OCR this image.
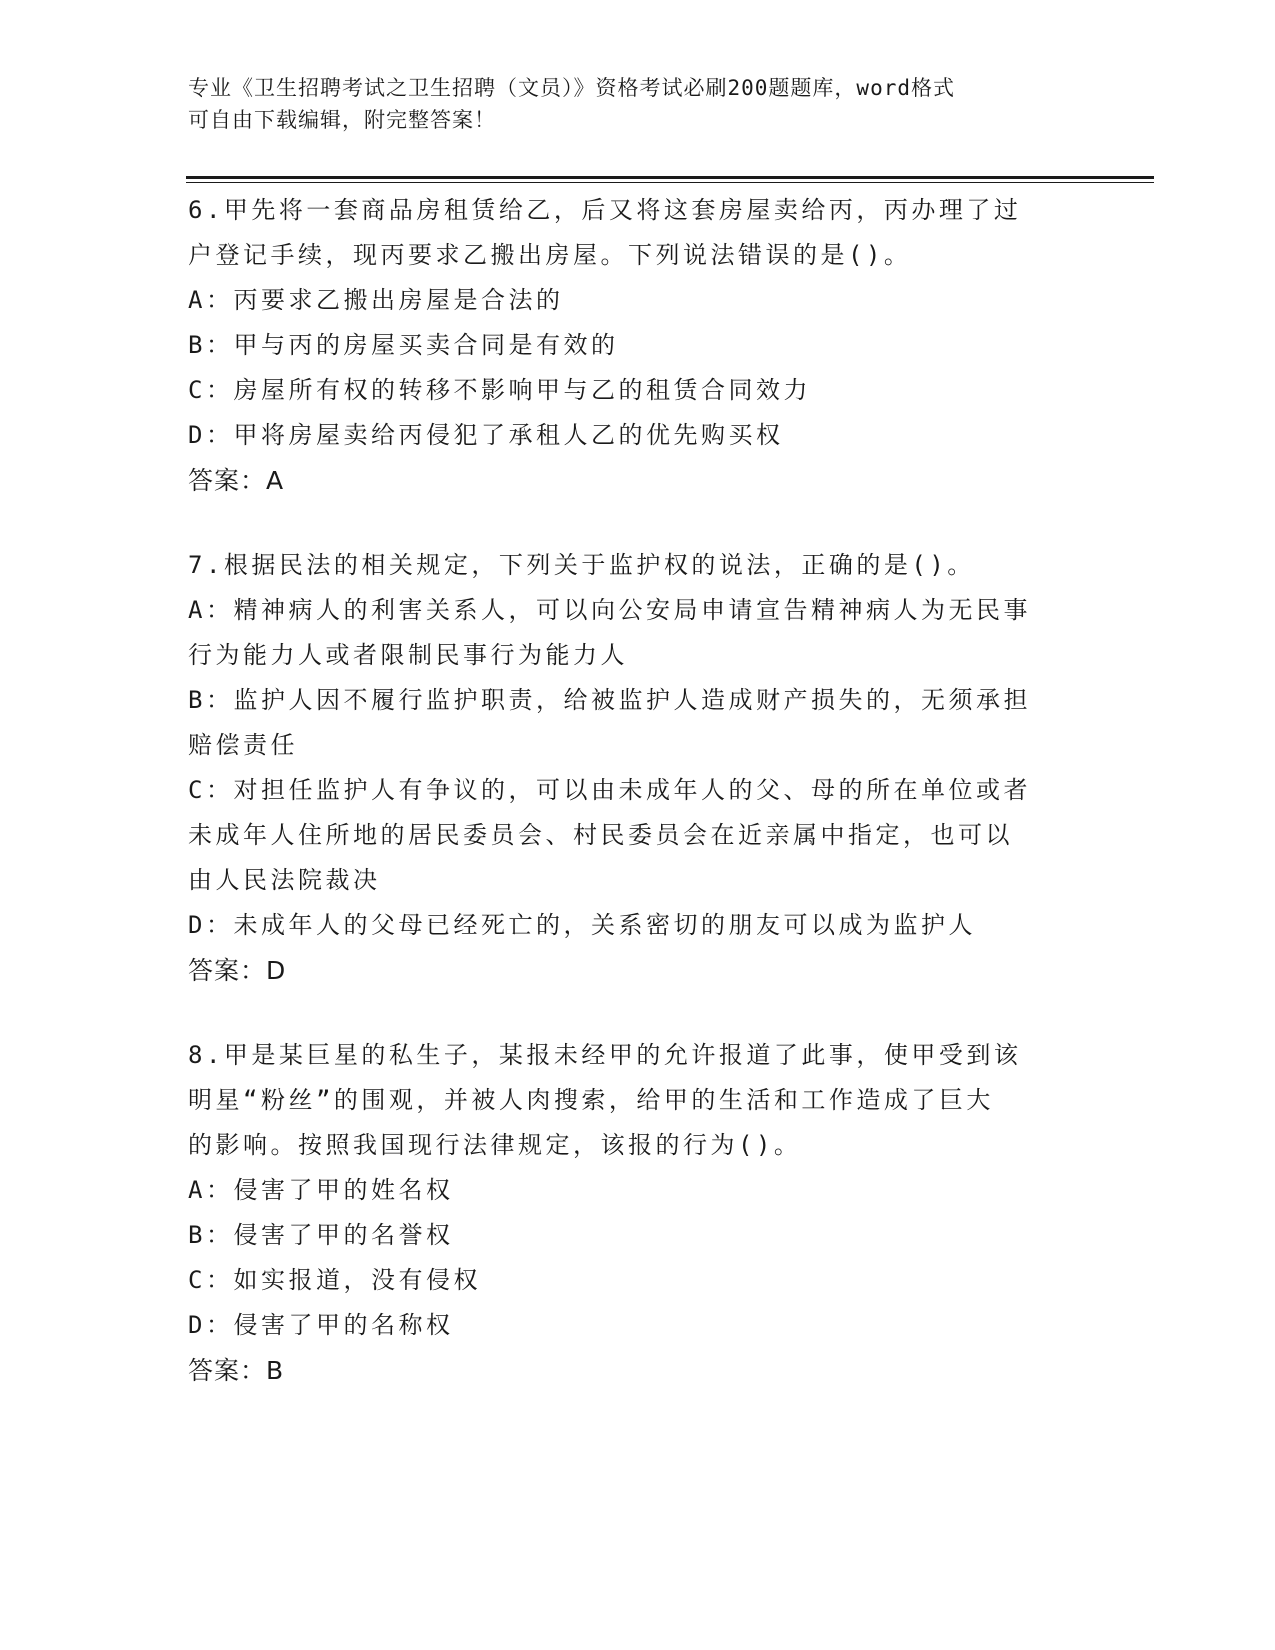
专业《卫生招聘考试之卫生招聘（文员）》资格考试必刷200题题库，word格式
可自由下载编辑，附完整答案！

6.甲先将一套商品房租赁给乙，后又将这套房屋卖给丙，丙办理了过

户登记手续，现丙要求乙搬出房屋。下列说法错误的是()。

A：丙要求乙搬出房屋是合法的

B：甲与丙的房屋买卖合同是有效的

C：房屋所有权的转移不影响甲与乙的租赁合同效力

D：甲将房屋卖给丙侵犯了承租人乙的优先购买权

答案：A

7.根据民法的相关规定，下列关于监护权的说法，正确的是()。

A：精神病人的利害关系人，可以向公安局申请宣告精神病人为无民事

行为能力人或者限制民事行为能力人

B：监护人因不履行监护职责，给被监护人造成财产损失的，无须承担

赔偿责任

C：对担任监护人有争议的，可以由未成年人的父、母的所在单位或者

未成年人住所地的居民委员会、村民委员会在近亲属中指定，也可以

由人民法院裁决

D：未成年人的父母已经死亡的，关系密切的朋友可以成为监护人

答案：D

8.甲是某巨星的私生子，某报未经甲的允许报道了此事，使甲受到该

明星“粉丝”的围观，并被人肉搜索，给甲的生活和工作造成了巨大

的影响。按照我国现行法律规定，该报的行为()。

A：侵害了甲的姓名权

B：侵害了甲的名誉权

C：如实报道，没有侵权

D：侵害了甲的名称权

答案：B
